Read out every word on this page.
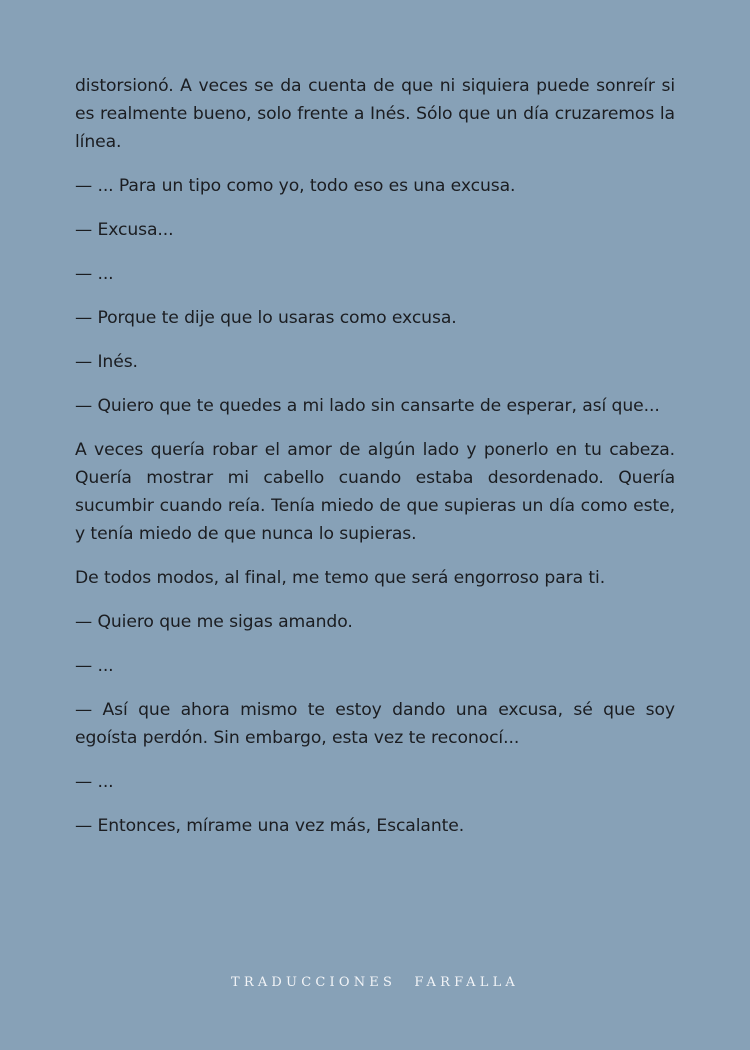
distorsionó. A veces se da cuenta de que ni siquiera puede sonreír si es realmente bueno, solo frente a Inés. Sólo que un día cruzaremos la línea.

— ... Para un tipo como yo, todo eso es una excusa.

— Excusa...

— ...

— Porque te dije que lo usaras como excusa.

— Inés.

— Quiero que te quedes a mi lado sin cansarte de esperar, así que...

A veces quería robar el amor de algún lado y ponerlo en tu cabeza. Quería mostrar mi cabello cuando estaba desordenado. Quería sucumbir cuando reía. Tenía miedo de que supieras un día como este, y tenía miedo de que nunca lo supieras.

De todos modos, al final, me temo que será engorroso para ti.

— Quiero que me sigas amando.

— ...

— Así que ahora mismo te estoy dando una excusa, sé que soy egoísta perdón. Sin embargo, esta vez te reconocí...

— ...

— Entonces, mírame una vez más, Escalante.

TRADUCCIONES FARFALLA
